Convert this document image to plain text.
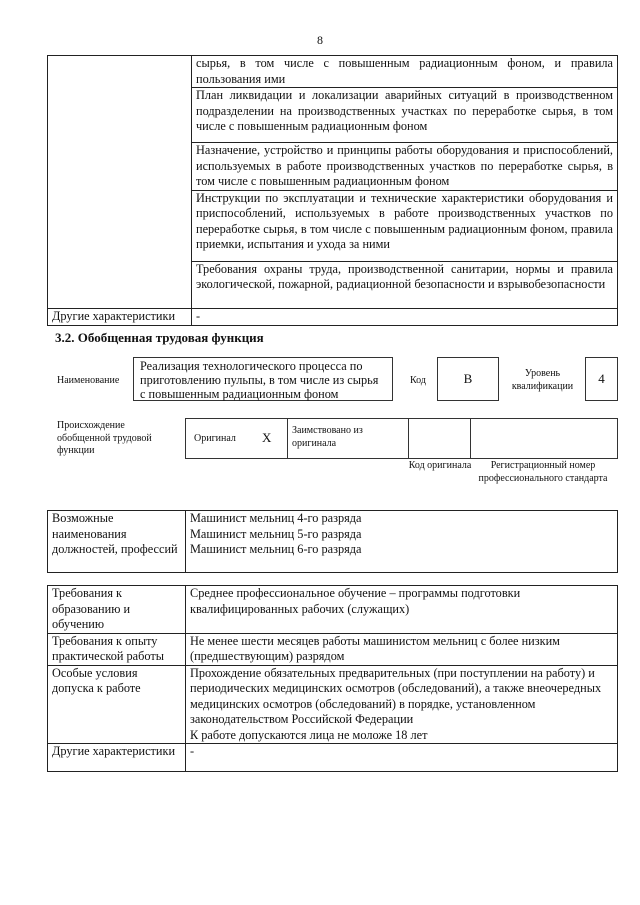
8
	сырья, в том числе с повышенным радиационным фоном, и правила пользования ими
	План ликвидации и локализации аварийных ситуаций в производственном подразделении на производственных участках по переработке сырья, в том числе с повышенным радиационным фоном
	Назначение, устройство и принципы работы оборудования и приспособлений, используемых в работе производственных участков по переработке сырья, в том числе с повышенным радиационным фоном
	Инструкции по эксплуатации и технические характеристики оборудования и приспособлений, используемых в работе производственных участков по переработке сырья, в том числе с повышенным радиационным фоном, правила приемки, испытания и ухода за ними
	Требования охраны труда, производственной санитарии, нормы и правила экологической, пожарной, радиационной безопасности и взрывобезопасности
Другие характеристики	-
3.2. Обобщенная трудовая функция
Наименование
Реализация технологического процесса по приготовлению пульпы, в том числе из сырья с повышенным радиационным фоном
Код	B	Уровень квалификации	4
Происхождение обобщенной трудовой функции
Оригинал X Заимствовано из оригинала
Код оригинала	Регистрационный номер профессионального стандарта
Возможные наименования должностей, профессий	
Машинист мельниц 4-го разряда
Машинист мельниц 5-го разряда
Машинист мельниц 6-го разряда
Требования к образованию и обучению	Среднее профессиональное обучение – программы подготовки квалифицированных рабочих (служащих)
Требования к опыту практической работы	Не менее шести месяцев работы машинистом мельниц с более низким (предшествующим) разрядом
Особые условия допуска к работе	Прохождение обязательных предварительных (при поступлении на работу) и периодических медицинских осмотров (обследований), а также внеочередных медицинских осмотров (обследований) в порядке, установленном законодательством Российской Федерации
К работе допускаются лица не моложе 18 лет

Другие характеристики	-
